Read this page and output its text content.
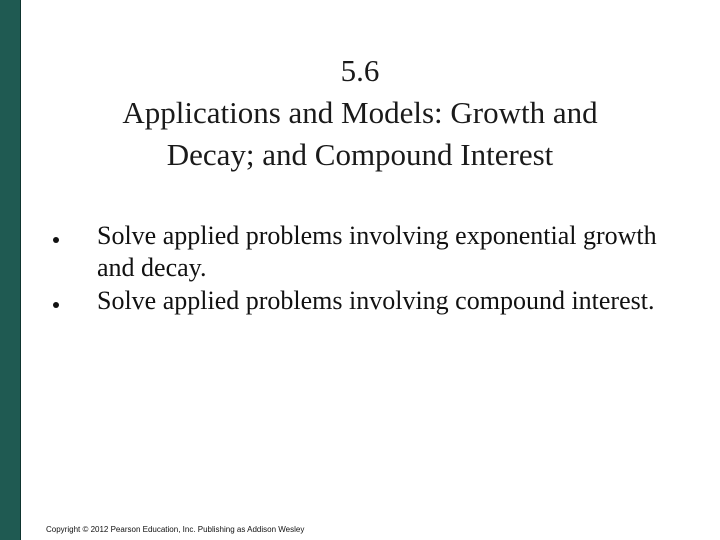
5.6
Applications and Models: Growth and
Decay; and Compound Interest
Solve applied problems involving exponential growth and decay.
Solve applied problems involving compound interest.
Copyright © 2012 Pearson Education, Inc. Publishing as Addison Wesley
